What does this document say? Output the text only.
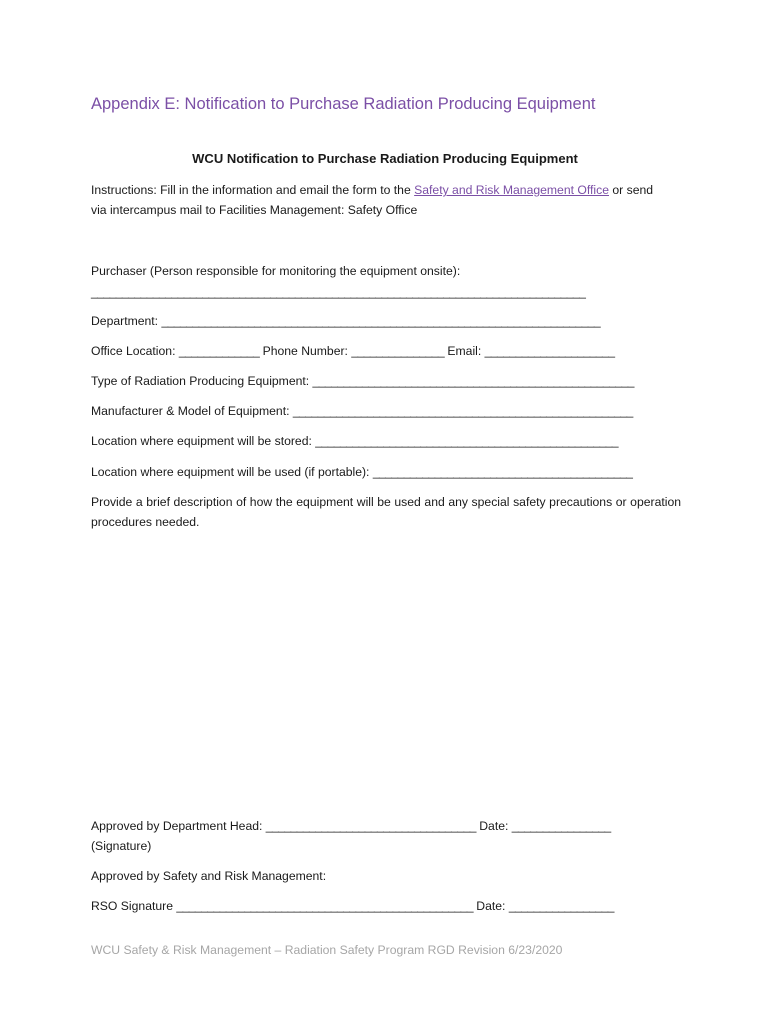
Appendix E: Notification to Purchase Radiation Producing Equipment
WCU Notification to Purchase Radiation Producing Equipment
Instructions: Fill in the information and email the form to the Safety and Risk Management Office or send
via intercampus mail to Facilities Management: Safety Office
Purchaser (Person responsible for monitoring the equipment onsite):
________________________________________________________________________________
Department: _______________________________________________________________________
Office Location: _____________ Phone Number: _______________ Email: _____________________
Type of Radiation Producing Equipment: ____________________________________________________
Manufacturer & Model of Equipment: _______________________________________________________
Location where equipment will be stored: _________________________________________________
Location where equipment will be used (if portable): __________________________________________
Provide a brief description of how the equipment will be used and any special safety precautions or operation procedures needed.
Approved by Department Head: __________________________________ Date: ________________
(Signature)
Approved by Safety and Risk Management:
RSO Signature ________________________________________________ Date: _________________
WCU Safety & Risk Management – Radiation Safety Program RGD Revision 6/23/2020
